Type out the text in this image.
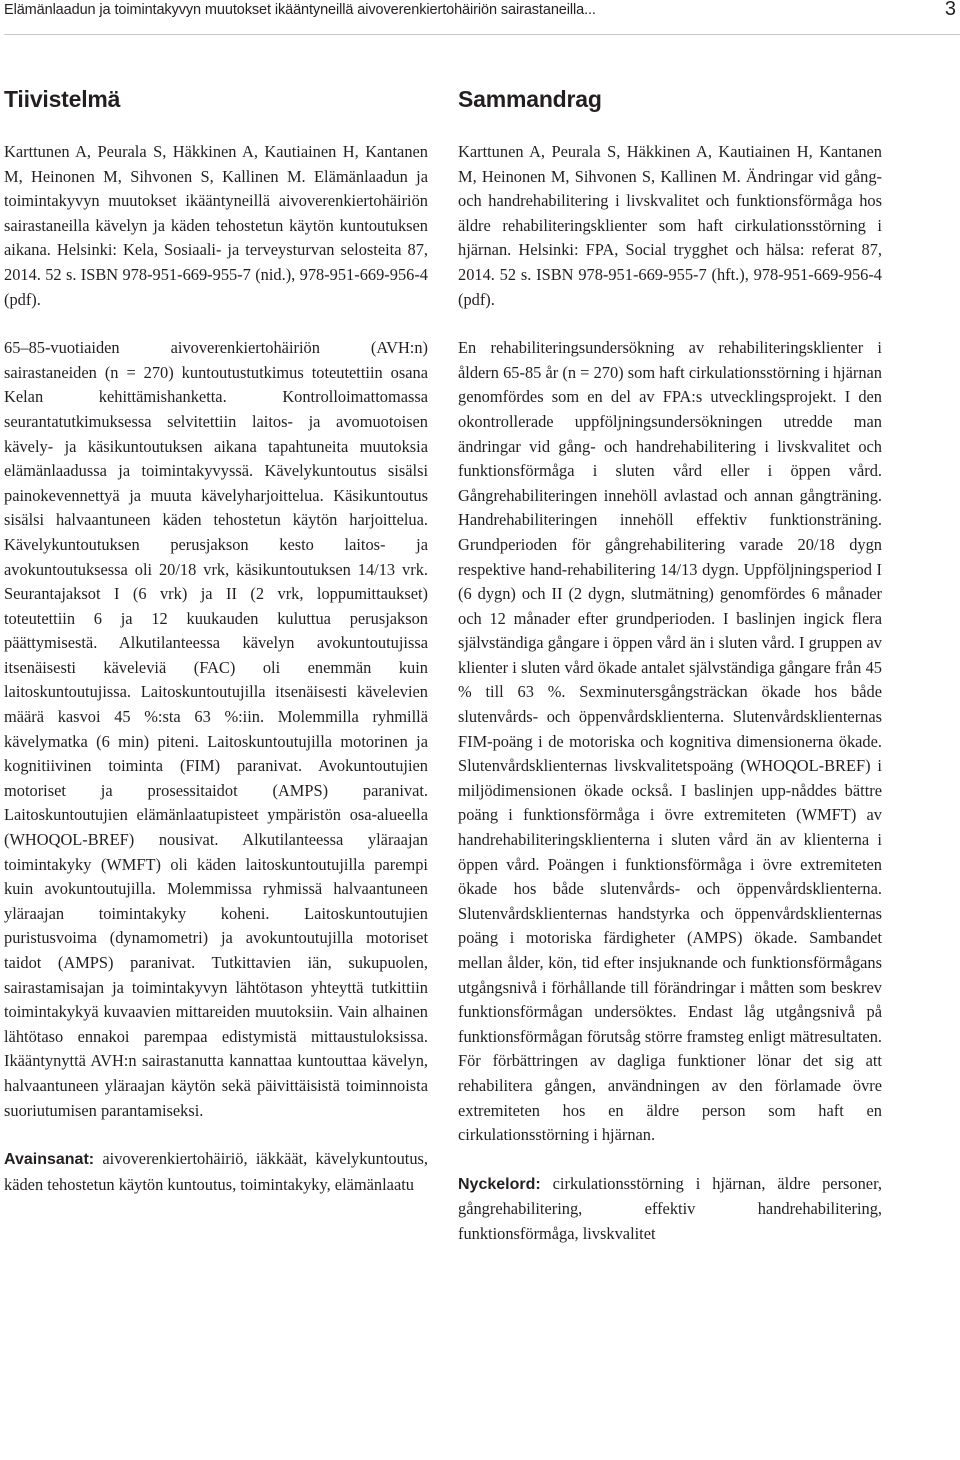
Elämänlaadun ja toimintakyvyn muutokset ikääntyneillä aivoverenkiertohäiriön sairastaneilla...	3
Tiivistelmä

Karttunen A, Peurala S, Häkkinen A, Kautiainen H, Kantanen M, Heinonen M, Sihvonen S, Kallinen M. Elämänlaadun ja toimintakyvyn muutokset ikääntyneillä aivoverenkiertohäiriön sairastaneilla kävelyn ja käden tehostetun käytön kuntoutuksen aikana. Helsinki: Kela, Sosiaali- ja terveysturvan selosteita 87, 2014. 52 s. ISBN 978-951-669-955-7 (nid.), 978-951-669-956-4 (pdf).

65–85-vuotiaiden aivoverenkiertohäiriön (AVH:n) sairastaneiden (n = 270) kuntoutustutkimus toteutettiin osana Kelan kehittämishanketta. Kontrolloimattomassa seurantatutkimuksessa selvitettiin laitos- ja avomuotoisen kävely- ja käsikuntoutuksen aikana tapahtuneita muutoksia elämänlaadussa ja toimintakyvyssä. Kävelykuntoutus sisälsi painokevennettyä ja muuta kävelyharjoittelua. Käsikuntoutus sisälsi halvaantuneen käden tehostetun käytön harjoittelua. Kävelykuntoutuksen perusjakson kesto laitos- ja avokuntoutuksessa oli 20/18 vrk, käsikuntoutuksen 14/13 vrk. Seurantajaksot I (6 vrk) ja II (2 vrk, loppumittaukset) toteutettiin 6 ja 12 kuukauden kuluttua perusjakson päättymisestä. Alkutilanteessa kävelyn avokuntoutujissa itsenäisesti käveleviä (FAC) oli enemmän kuin laitoskuntoutujissa. Laitoskuntoutujilla itsenäisesti kävelevien määrä kasvoi 45 %:sta 63 %:iin. Molemmilla ryhmillä kävelymatka (6 min) piteni. Laitoskuntoutujilla motorinen ja kognitiivinen toiminta (FIM) paranivat. Avokuntoutujien motoriset ja prosessitaidot (AMPS) paranivat. Laitoskuntoutujien elämänlaatupisteet ympäristön osa-alueella (WHOQOL-BREF) nousivat. Alkutilanteessa yläraajan toimintakyky (WMFT) oli käden laitoskuntoutujilla parempi kuin avokuntoutujilla. Molemmissa ryhmissä halvaantuneen yläraajan toimintakyky koheni. Laitoskuntoutujien puristusvoima (dynamometri) ja avokuntoutujilla motoriset taidot (AMPS) paranivat. Tutkittavien iän, sukupuolen, sairastamisajan ja toimintakyvyn lähtötason yhteyttä tutkittiin toimintakykyä kuvaavien mittareiden muutoksiin. Vain alhainen lähtötaso ennakoi parempaa edistymistä mittaustuloksissa. Ikääntynyttä AVH:n sairastanutta kannattaa kuntouttaa kävelyn, halvaantuneen yläraajan käytön sekä päivittäisistä toiminnoista suoriutumisen parantamiseksi.

Avainsanat: aivoverenkiertohäiriö, iäkkäät, kävelykuntoutus, käden tehostetun käytön kuntoutus, toimintakyky, elämänlaatu

Sammandrag

Karttunen A, Peurala S, Häkkinen A, Kautiainen H, Kantanen M, Heinonen M, Sihvonen S, Kallinen M. Ändringar vid gång- och handrehabilitering i livskvalitet och funktionsförmåga hos äldre rehabiliteringsklienter som haft cirkulationsstörning i hjärnan. Helsinki: FPA, Social trygghet och hälsa: referat 87, 2014. 52 s. ISBN 978-951-669-955-7 (hft.), 978-951-669-956-4 (pdf).

En rehabiliteringsundersökning av rehabiliteringsklienter i åldern 65-85 år (n = 270) som haft cirkulationsstörning i hjärnan genomfördes som en del av FPA:s utvecklingsprojekt. I den okontrollerade uppföljningsundersökningen utredde man ändringar vid gång- och handrehabilitering i livskvalitet och funktionsförmåga i sluten vård eller i öppen vård. Gångrehabiliteringen innehöll avlastad och annan gångträning. Handrehabiliteringen innehöll effektiv funktionsträning. Grundperioden för gångrehabilitering varade 20/18 dygn respektive hand-rehabilitering 14/13 dygn. Uppföljningsperiod I (6 dygn) och II (2 dygn, slutmätning) genomfördes 6 månader och 12 månader efter grundperioden. I baslinjen ingick flera självständiga gångare i öppen vård än i sluten vård. I gruppen av klienter i sluten vård ökade antalet självständiga gångare från 45 % till 63 %. Sexminutersgångsträckan ökade hos både slutenvårds- och öppenvårdsklienterna. Slutenvårdsklienternas FIM-poäng i de motoriska och kognitiva dimensionerna ökade. Slutenvårdsklienternas livskvalitetspoäng (WHOQOL-BREF) i miljödimensionen ökade också. I baslinjen upp-nåddes bättre poäng i funktionsförmåga i övre extremiteten (WMFT) av handrehabiliteringsklienterna i sluten vård än av klienterna i öppen vård. Poängen i funktionsförmåga i övre extremiteten ökade hos både slutenvårds- och öppenvårdsklienterna. Slutenvårdsklienternas handstyrka och öppenvårdsklienternas poäng i motoriska färdigheter (AMPS) ökade. Sambandet mellan ålder, kön, tid efter insjuknande och funktionsförmågans utgångsnivå i förhållande till förändringar i måtten som beskrev funktionsförmågan undersöktes. Endast låg utgångsnivå på funktionsförmågan förutsåg större framsteg enligt mätresultaten. För förbättringen av dagliga funktioner lönar det sig att rehabilitera gången, användningen av den förlamade övre extremiteten hos en äldre person som haft en cirkulationsstörning i hjärnan.

Nyckelord: cirkulationsstörning i hjärnan, äldre personer, gångrehabilitering, effektiv handrehabilitering, funktionsförmåga, livskvalitet
